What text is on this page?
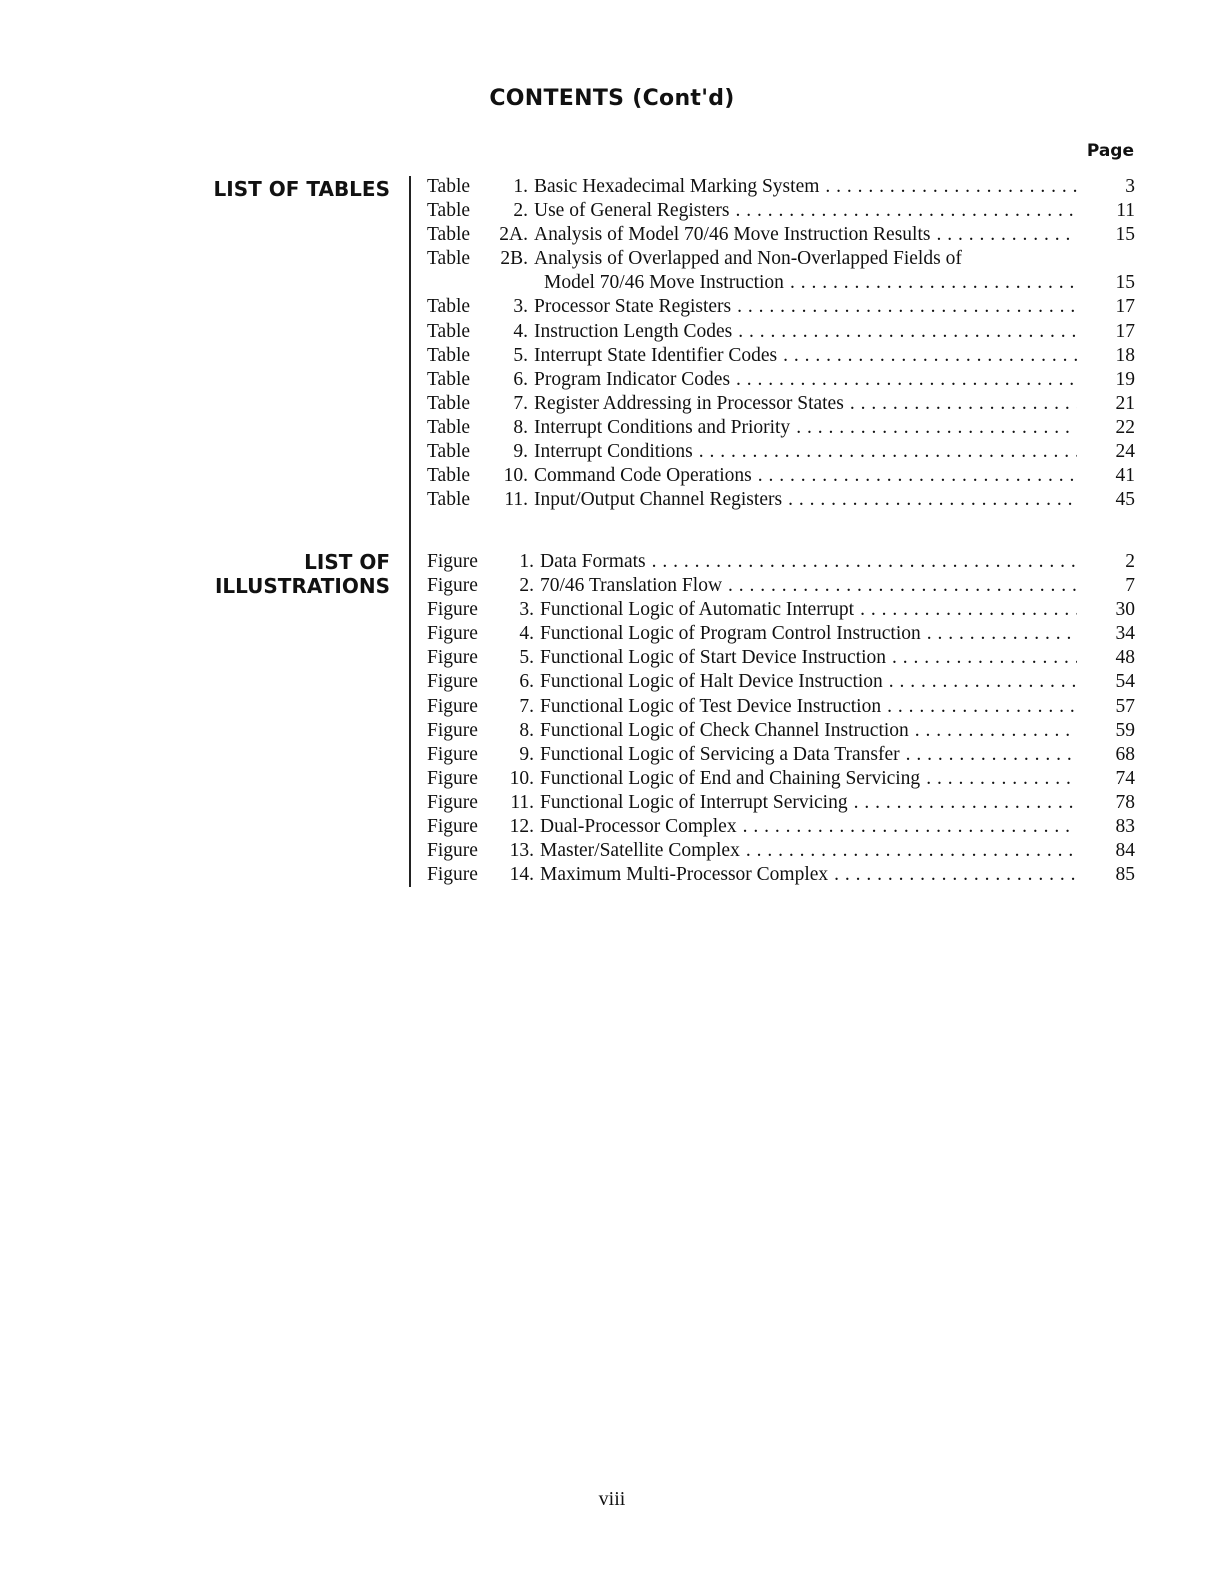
CONTENTS (Cont'd)
Page
LIST OF TABLES
LIST OF
ILLUSTRATIONS
Table	1. Basic Hexadecimal Marking System . . .	3
Table	2. Use of General Registers . . .	11
Table	2A. Analysis of Model 70/46 Move Instruction Results . . .	15
Table	2B. Analysis of Overlapped and Non-Overlapped Fields of
Model 70/46 Move Instruction . . .	15
Table	3. Processor State Registers . . .	17
Table	4. Instruction Length Codes . . .	17
Table	5. Interrupt State Identifier Codes . . .	18
Table	6. Program Indicator Codes . . .	19
Table	7. Register Addressing in Processor States . . .	21
Table	8. Interrupt Conditions and Priority . . .	22
Table	9. Interrupt Conditions . . .	24
Table	10. Command Code Operations . . .	41
Table	11. Input/Output Channel Registers . . .	45
Figure	1. Data Formats . . .	2
Figure	2. 70/46 Translation Flow . . .	7
Figure	3. Functional Logic of Automatic Interrupt . . .	30
Figure	4. Functional Logic of Program Control Instruction . . .	34
Figure	5. Functional Logic of Start Device Instruction . . .	48
Figure	6. Functional Logic of Halt Device Instruction . . .	54
Figure	7. Functional Logic of Test Device Instruction . . .	57
Figure	8. Functional Logic of Check Channel Instruction . . .	59
Figure	9. Functional Logic of Servicing a Data Transfer . . .	68
Figure	10. Functional Logic of End and Chaining Servicing . . .	74
Figure	11. Functional Logic of Interrupt Servicing . . .	78
Figure	12. Dual-Processor Complex . . .	83
Figure	13. Master/Satellite Complex . . .	84
Figure	14. Maximum Multi-Processor Complex . . .	85
viii
